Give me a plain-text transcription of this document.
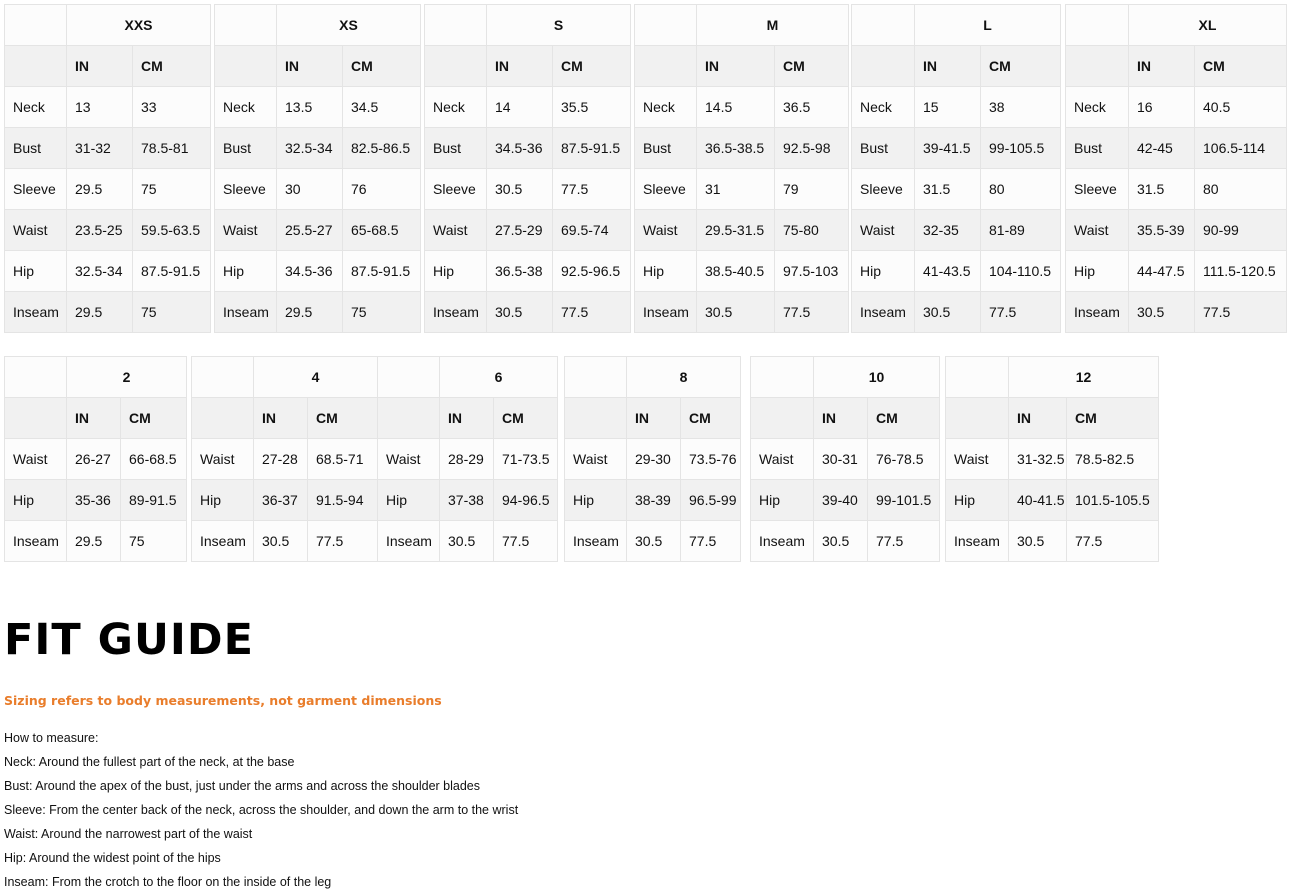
	XXS	
	IN	CM
Neck	13	33
Bust	31-32	78.5-81
Sleeve	29.5	75
Waist	23.5-25	59.5-63.5
Hip	32.5-34	87.5-91.5
Inseam	29.5	75
	XS	
	IN	CM
Neck	13.5	34.5
Bust	32.5-34	82.5-86.5
Sleeve	30	76
Waist	25.5-27	65-68.5
Hip	34.5-36	87.5-91.5
Inseam	29.5	75
	S	
	IN	CM
Neck	14	35.5
Bust	34.5-36	87.5-91.5
Sleeve	30.5	77.5
Waist	27.5-29	69.5-74
Hip	36.5-38	92.5-96.5
Inseam	30.5	77.5
	M	
	IN	CM
Neck	14.5	36.5
Bust	36.5-38.5	92.5-98
Sleeve	31	79
Waist	29.5-31.5	75-80
Hip	38.5-40.5	97.5-103
Inseam	30.5	77.5
	L	
	IN	CM
Neck	15	38
Bust	39-41.5	99-105.5
Sleeve	31.5	80
Waist	32-35	81-89
Hip	41-43.5	104-110.5
Inseam	30.5	77.5
	XL	
	IN	CM
Neck	16	40.5
Bust	42-45	106.5-114
Sleeve	31.5	80
Waist	35.5-39	90-99
Hip	44-47.5	111.5-120.5
Inseam	30.5	77.5
	2	
	IN	CM
Waist	26-27	66-68.5
Hip	35-36	89-91.5
Inseam	29.5	75
	4	
	IN	CM
Waist	27-28	68.5-71
Hip	36-37	91.5-94
Inseam	30.5	77.5
	6	
	IN	CM
Waist	28-29	71-73.5
Hip	37-38	94-96.5
Inseam	30.5	77.5
	8	
	IN	CM
Waist	29-30	73.5-76
Hip	38-39	96.5-99
Inseam	30.5	77.5
	10	
	IN	CM
Waist	30-31	76-78.5
Hip	39-40	99-101.5
Inseam	30.5	77.5
	12	
	IN	CM
Waist	31-32.5	78.5-82.5
Hip	40-41.5	101.5-105.5
Inseam	30.5	77.5
FIT GUIDE

Sizing refers to body measurements, not garment dimensions

How to measure:
Neck: Around the fullest part of the neck, at the base
Bust: Around the apex of the bust, just under the arms and across the shoulder blades
Sleeve: From the center back of the neck, across the shoulder, and down the arm to the wrist
Waist: Around the narrowest part of the waist
Hip: Around the widest point of the hips
Inseam: From the crotch to the floor on the inside of the leg
